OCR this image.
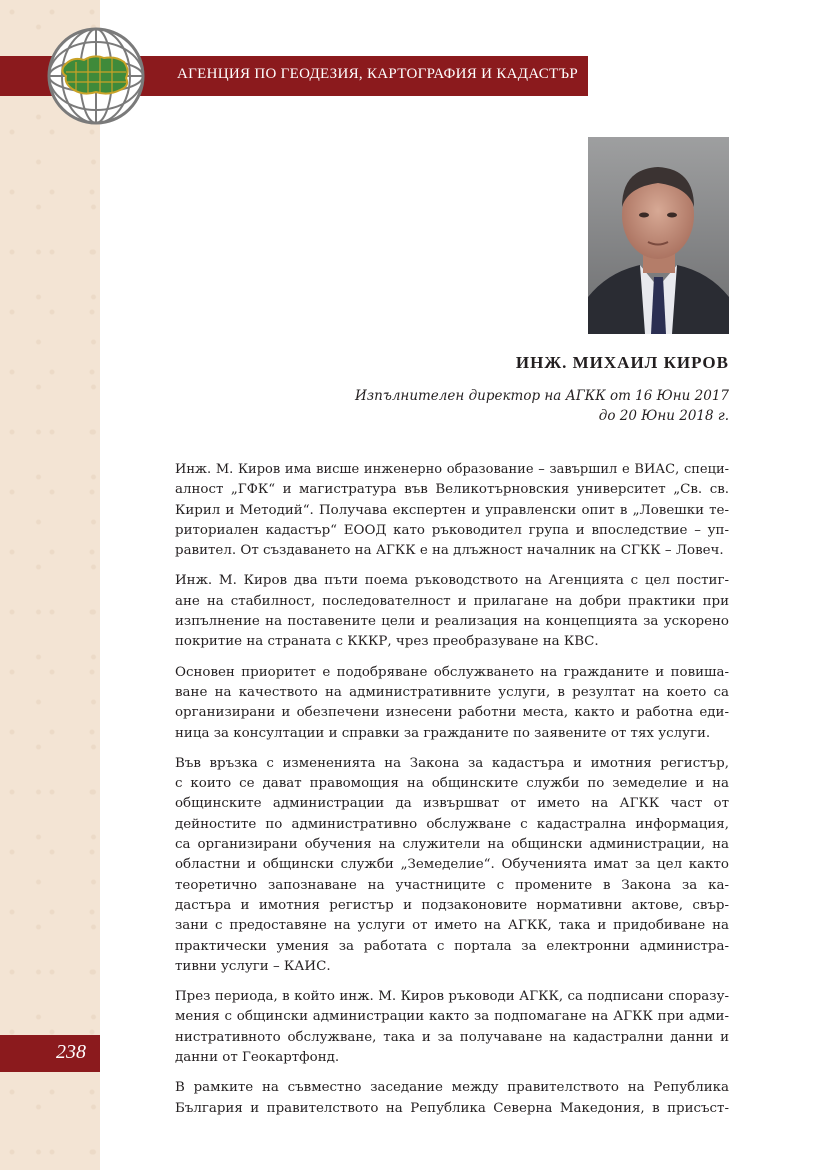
АГЕНЦИЯ ПО ГЕОДЕЗИЯ, КАРТОГРАФИЯ И КАДАСТЪР
ИНЖ. МИХАИЛ КИРОВ
Изпълнителен директор на АГКК от 16 Юни 2017
до 20 Юни 2018 г.

Инж. М. Киров има висше инженерно образование – завършил е ВИАС, специ-
алност „ГФК“ и магистратура във Великотърновския университет „Св. св.
Кирил и Методий“. Получава експертен и управленски опит в „Ловешки те-
риториален кадастър“ ЕООД като ръководител група и впоследствие – уп-
равител. От създаването на АГКК е на длъжност началник на СГКК – Ловеч.

Инж. М. Киров два пъти поема ръководството на Агенцията с цел постиг-
ане на стабилност, последователност и прилагане на добри практики при
изпълнение на поставените цели и реализация на концепцията за ускорено
покритие на страната с КККР, чрез преобразуване на КВС.

Основен приоритет е подобряване обслужването на гражданите и повиша-
ване на качеството на административните услуги, в резултат на което са
организирани и обезпечени изнесени работни места, както и работна еди-
ница за консултации и справки за гражданите по заявените от тях услуги.

Във връзка с измененията на Закона за кадастъра и имотния регистър,
с които се дават правомощия на общинските служби по земеделие и на
общинските администрации да извършват от името на АГКК част от
дейностите по административно обслужване с кадастрална информация,
са организирани обучения на служители на общински администрации, на
областни и общински служби „Земеделие“. Обученията имат за цел както
теоретично запознаване на участниците с промените в Закона за ка-
дастъра и имотния регистър и подзаконовите нормативни актове, свър-
зани с предоставяне на услуги от името на АГКК, така и придобиване на
практически умения за работата с портала за електронни администра-
тивни услуги – КАИС.

През периода, в който инж. М. Киров ръководи АГКК, са подписани споразу-
мения с общински администрации както за подпомагане на АГКК при адми-
нистративното обслужване, така и за получаване на кадастрални данни и
данни от Геокартфонд.

В рамките на съвместно заседание между правителството на Република
България и правителството на Република Северна Македония, в присъст-

238
